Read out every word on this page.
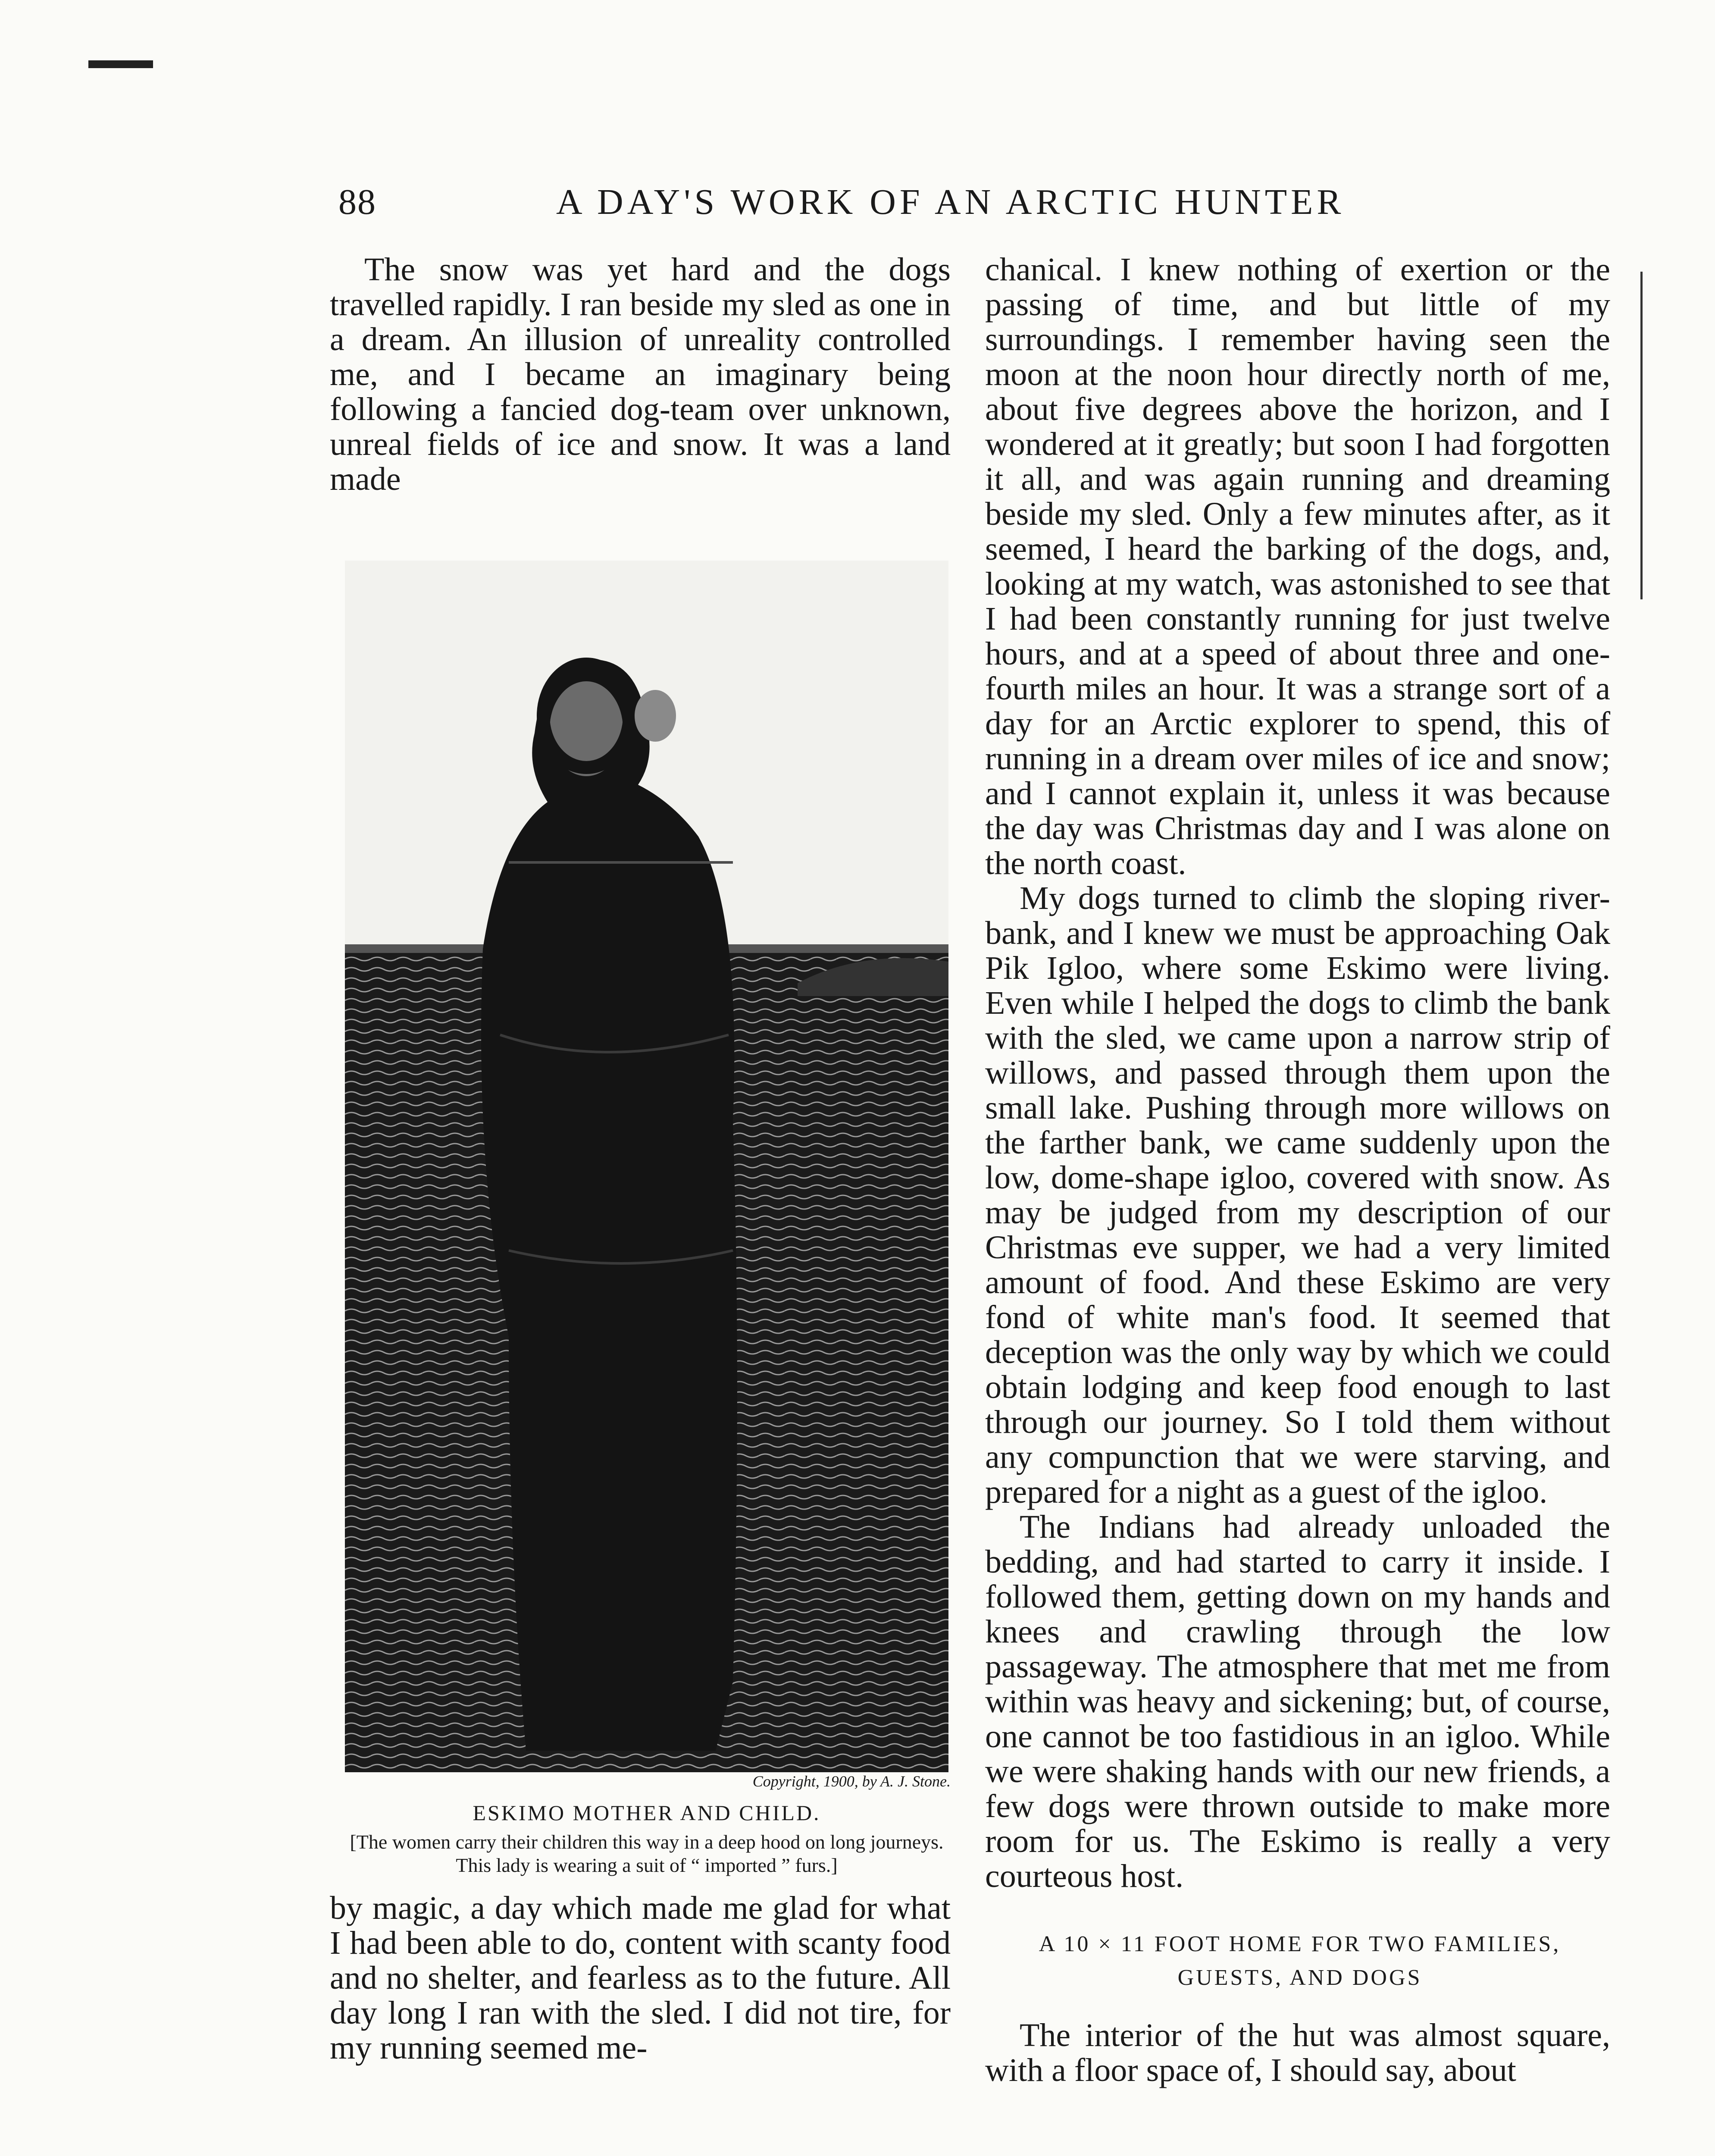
88	A DAY'S WORK OF AN ARCTIC HUNTER

The snow was yet hard and the dogs travelled rapidly. I ran beside my sled as one in a dream. An illusion of unreality controlled me, and I became an imaginary being following a fancied dog-team over unknown, unreal fields of ice and snow. It was a land made

Copyright, 1900, by A. J. Stone.
ESKIMO MOTHER AND CHILD.
[The women carry their children this way in a deep hood on long journeys. This lady is wearing a suit of “ imported ” furs.]

by magic, a day which made me glad for what I had been able to do, content with scanty food and no shelter, and fearless as to the future. All day long I ran with the sled. I did not tire, for my running seemed me-

chanical. I knew nothing of exertion or the passing of time, and but little of my surroundings. I remember having seen the moon at the noon hour directly north of me, about five degrees above the horizon, and I wondered at it greatly; but soon I had forgotten it all, and was again running and dreaming beside my sled. Only a few minutes after, as it seemed, I heard the barking of the dogs, and, looking at my watch, was astonished to see that I had been constantly running for just twelve hours, and at a speed of about three and one-fourth miles an hour. It was a strange sort of a day for an Arctic explorer to spend, this of running in a dream over miles of ice and snow; and I cannot explain it, unless it was because the day was Christmas day and I was alone on the north coast.

My dogs turned to climb the sloping river-bank, and I knew we must be approaching Oak Pik Igloo, where some Eskimo were living. Even while I helped the dogs to climb the bank with the sled, we came upon a narrow strip of willows, and passed through them upon the small lake. Pushing through more willows on the farther bank, we came suddenly upon the low, dome-shape igloo, covered with snow. As may be judged from my description of our Christmas eve supper, we had a very limited amount of food. And these Eskimo are very fond of white man's food. It seemed that deception was the only way by which we could obtain lodging and keep food enough to last through our journey. So I told them without any compunction that we were starving, and prepared for a night as a guest of the igloo.

The Indians had already unloaded the bedding, and had started to carry it inside. I followed them, getting down on my hands and knees and crawling through the low passageway. The atmosphere that met me from within was heavy and sickening; but, of course, one cannot be too fastidious in an igloo. While we were shaking hands with our new friends, a few dogs were thrown outside to make more room for us. The Eskimo is really a very courteous host.

A 10 × 11 FOOT HOME FOR TWO FAMILIES,
GUESTS, AND DOGS

The interior of the hut was almost square, with a floor space of, I should say, about
